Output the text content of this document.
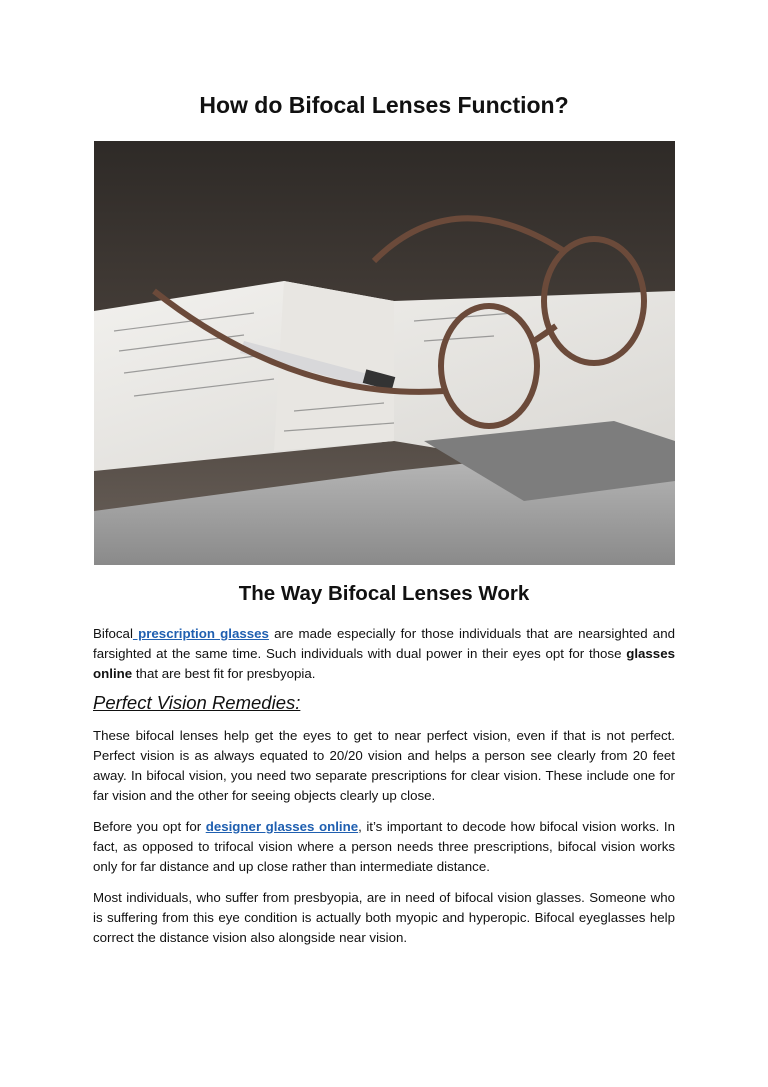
How do Bifocal Lenses Function?
The Way Bifocal Lenses Work

Bifocal prescription glasses are made especially for those individuals that are nearsighted and farsighted at the same time. Such individuals with dual power in their eyes opt for those glasses online that are best fit for presbyopia.

Perfect Vision Remedies:

These bifocal lenses help get the eyes to get to near perfect vision, even if that is not perfect. Perfect vision is as always equated to 20/20 vision and helps a person see clearly from 20 feet away. In bifocal vision, you need two separate prescriptions for clear vision. These include one for far vision and the other for seeing objects clearly up close.

Before you opt for designer glasses online, it’s important to decode how bifocal vision works. In fact, as opposed to trifocal vision where a person needs three prescriptions, bifocal vision works only for far distance and up close rather than intermediate distance.

Most individuals, who suffer from presbyopia, are in need of bifocal vision glasses. Someone who is suffering from this eye condition is actually both myopic and hyperopic. Bifocal eyeglasses help correct the distance vision also alongside near vision.
